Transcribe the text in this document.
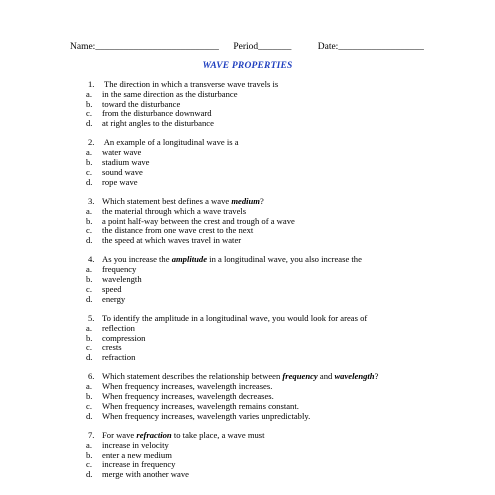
Name:__________________________ Period_______	Date:__________________
WAVE PROPERTIES
1. The direction in which a transverse wave travels is
a. in the same direction as the disturbance
b. toward the disturbance
c. from the disturbance downward
d. at right angles to the disturbance
2. An example of a longitudinal wave is a
a. water wave
b. stadium wave
c. sound wave
d. rope wave
3. Which statement best defines a wave medium?
a. the material through which a wave travels
b. a point half-way between the crest and trough of a wave
c. the distance from one wave crest to the next
d. the speed at which waves travel in water
4. As you increase the amplitude in a longitudinal wave, you also increase the
a. frequency
b. wavelength
c. speed
d. energy
5. To identify the amplitude in a longitudinal wave, you would look for areas of
a. reflection
b. compression
c. crests
d. refraction
6. Which statement describes the relationship between frequency and wavelength?
a. When frequency increases, wavelength increases.
b. When frequency increases, wavelength decreases.
c. When frequency increases, wavelength remains constant.
d. When frequency increases, wavelength varies unpredictably.
7. For wave refraction to take place, a wave must
a. increase in velocity
b. enter a new medium
c. increase in frequency
d. merge with another wave
